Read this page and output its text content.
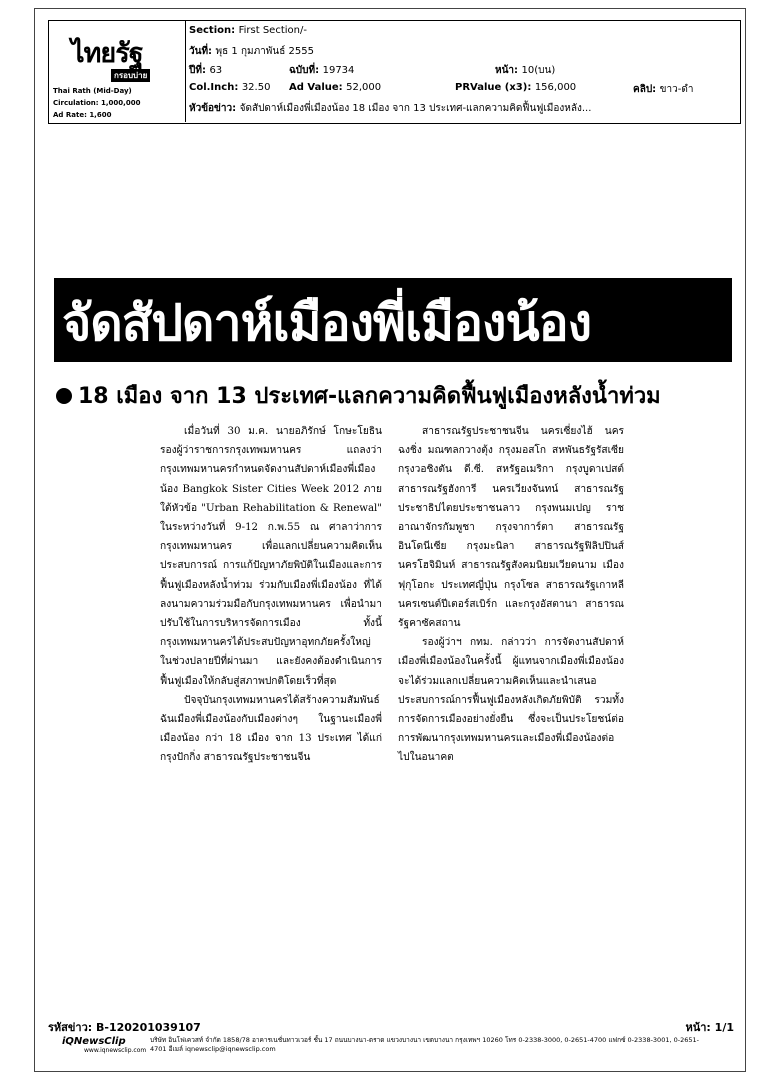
ไทยรัฐ
กรอบบ่าย
Thai Rath (Mid-Day)
Circulation: 1,000,000
Ad Rate: 1,600
Section: First Section/-
วันที่: พุธ 1 กุมภาพันธ์ 2555
ปีที่: 63	ฉบับที่: 19734	หน้า: 10(บน)
Col.Inch: 32.50 Ad Value: 52,000	PRValue (x3): 156,000	คลิป: ขาว-ดำ
หัวข้อข่าว: จัดสัปดาห์เมืองพี่เมืองน้อง 18 เมือง จาก 13 ประเทศ-แลกความคิดฟื้นฟูเมืองหลัง...
จัดสัปดาห์เมืองพี่เมืองน้อง
18 เมือง จาก 13 ประเทศ-แลกความคิดฟื้นฟูเมืองหลังน้ำท่วม

เมื่อวันที่ 30 ม.ค. นายอภิรักษ์ โกษะโยธิน รองผู้ว่าราชการกรุงเทพมหานคร แถลงว่า กรุงเทพมหานครกำหนดจัดงานสัปดาห์เมืองพี่เมืองน้อง Bangkok Sister Cities Week 2012 ภายใต้หัวข้อ "Urban Rehabilitation & Renewal" ในระหว่างวันที่ 9-12 ก.พ.55 ณ ศาลาว่าการกรุงเทพมหานคร เพื่อแลกเปลี่ยนความคิดเห็น ประสบการณ์ การแก้ปัญหาภัยพิบัติในเมืองและการฟื้นฟูเมืองหลังน้ำท่วม ร่วมกับเมืองพี่เมืองน้อง ที่ได้ลงนามความร่วมมือกับกรุงเทพมหานคร เพื่อนำมาปรับใช้ในการบริหารจัดการเมือง ทั้งนี้ กรุงเทพมหานครได้ประสบปัญหาอุทกภัยครั้งใหญ่ในช่วงปลายปีที่ผ่านมา และยังคงต้องดำเนินการฟื้นฟูเมืองให้กลับสู่สภาพปกติโดยเร็วที่สุด

ปัจจุบันกรุงเทพมหานครได้สร้างความสัมพันธ์ฉันเมืองพี่เมืองน้องกับเมืองต่างๆ ในฐานะเมืองพี่เมืองน้อง กว่า 18 เมือง จาก 13 ประเทศ ได้แก่ กรุงปักกิ่ง สาธารณรัฐประชาชนจีน

สาธารณรัฐประชาชนจีน นครเซี่ยงไฮ้ นครฉงชิ่ง มณฑลกวางตุ้ง กรุงมอสโก สหพันธรัฐรัสเซีย กรุงวอชิงตัน ดี.ซี. สหรัฐอเมริกา กรุงบูดาเปสต์ สาธารณรัฐฮังการี นครเวียงจันทน์ สาธารณรัฐประชาธิปไตยประชาชนลาว กรุงพนมเปญ ราชอาณาจักรกัมพูชา กรุงจาการ์ตา สาธารณรัฐอินโดนีเซีย กรุงมะนิลา สาธารณรัฐฟิลิปปินส์ นครโฮจิมินห์ สาธารณรัฐสังคมนิยมเวียดนาม เมืองฟุกุโอกะ ประเทศญี่ปุ่น กรุงโซล สาธารณรัฐเกาหลี นครเซนต์ปีเตอร์สเบิร์ก และกรุงอัสตานา สาธารณรัฐคาซัคสถาน

รองผู้ว่าฯ กทม. กล่าวว่า การจัดงานสัปดาห์เมืองพี่เมืองน้องในครั้งนี้ ผู้แทนจากเมืองพี่เมืองน้องจะได้ร่วมแลกเปลี่ยนความคิดเห็นและนำเสนอประสบการณ์การฟื้นฟูเมืองหลังเกิดภัยพิบัติ รวมทั้งการจัดการเมืองอย่างยั่งยืน ซึ่งจะเป็นประโยชน์ต่อการพัฒนากรุงเทพมหานครและเมืองพี่เมืองน้องต่อไปในอนาคต

รหัสข่าว: B-120201039107	หน้า: 1/1
iQNewsClip
www.iqnewsclip.com
บริษัท อินโฟเควสท์ จำกัด 1858/78 อาคารเนชั่นทาวเวอร์ ชั้น 17 ถนนบางนา-ตราด แขวงบางนา เขตบางนา กรุงเทพฯ 10260 โทร 0-2338-3000, 0-2651-4700 แฟกซ์ 0-2338-3001, 0-2651-4701 อีเมล์ iqnewsclip@iqnewsclip.com
